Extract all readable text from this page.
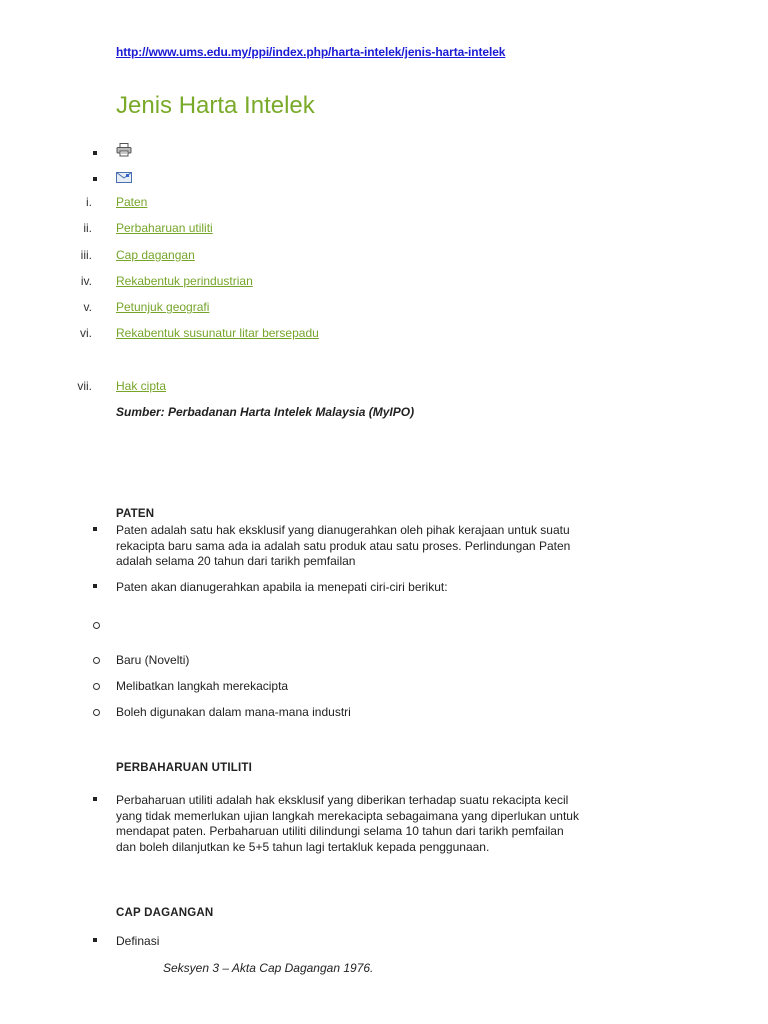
http://www.ums.edu.my/ppi/index.php/harta-intelek/jenis-harta-intelek
Jenis Harta Intelek
i. Paten
ii. Perbaharuan utiliti
iii. Cap dagangan
iv. Rekabentuk perindustrian
v. Petunjuk geografi
vi. Rekabentuk susunatur litar bersepadu
vii. Hak cipta
Sumber: Perbadanan Harta Intelek Malaysia (MyIPO)
PATEN
Paten adalah satu hak eksklusif yang dianugerahkan oleh pihak kerajaan untuk suatu
rekacipta baru sama ada ia adalah satu produk atau satu proses. Perlindungan Paten
adalah selama 20 tahun dari tarikh pemfailan
Paten akan dianugerahkan apabila ia menepati ciri-ciri berikut:
Baru (Novelti)
Melibatkan langkah merekacipta
Boleh digunakan dalam mana-mana industri
PERBAHARUAN UTILITI
Perbaharuan utiliti adalah hak eksklusif yang diberikan terhadap suatu rekacipta kecil
yang tidak memerlukan ujian langkah merekacipta sebagaimana yang diperlukan untuk
mendapat paten. Perbaharuan utiliti dilindungi selama 10 tahun dari tarikh pemfailan
dan boleh dilanjutkan ke 5+5 tahun lagi tertakluk kepada penggunaan.
CAP DAGANGAN
Definasi
Seksyen 3 – Akta Cap Dagangan 1976.
